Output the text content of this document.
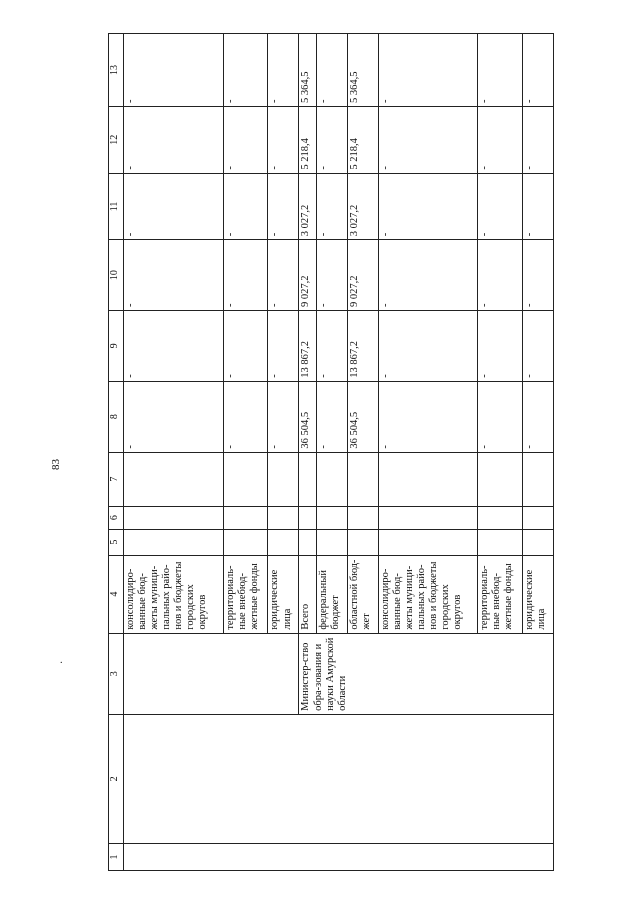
83
.
1	2	3	4	5	6	7	8	9	10	11	12	13
			консолидиро-ванные бюд-жеты муници-пальных райо-нов и бюджеты городских округов				-	-	-	-	-	-
			территориаль-ные внебюд-жетные фонды				-	-	-	-	-	-
			юридические лица				-	-	-	-	-	-
		Министер-ство обра-зования и науки Амурской области	Всего				36 504,5	13 867,2	9 027,2	3 027,2	5 218,4	5 364,5
			федеральный бюджет				-	-	-	-	-	-
			областной бюд-жет				36 504,5	13 867,2	9 027,2	3 027,2	5 218,4	5 364,5
			консолидиро-ванные бюд-жеты муници-пальных райо-нов и бюджеты городских округов				-	-	-	-	-	-
			территориаль-ные внебюд-жетные фонды				-	-	-	-	-	-
			юридические лица				-	-	-	-	-	-
